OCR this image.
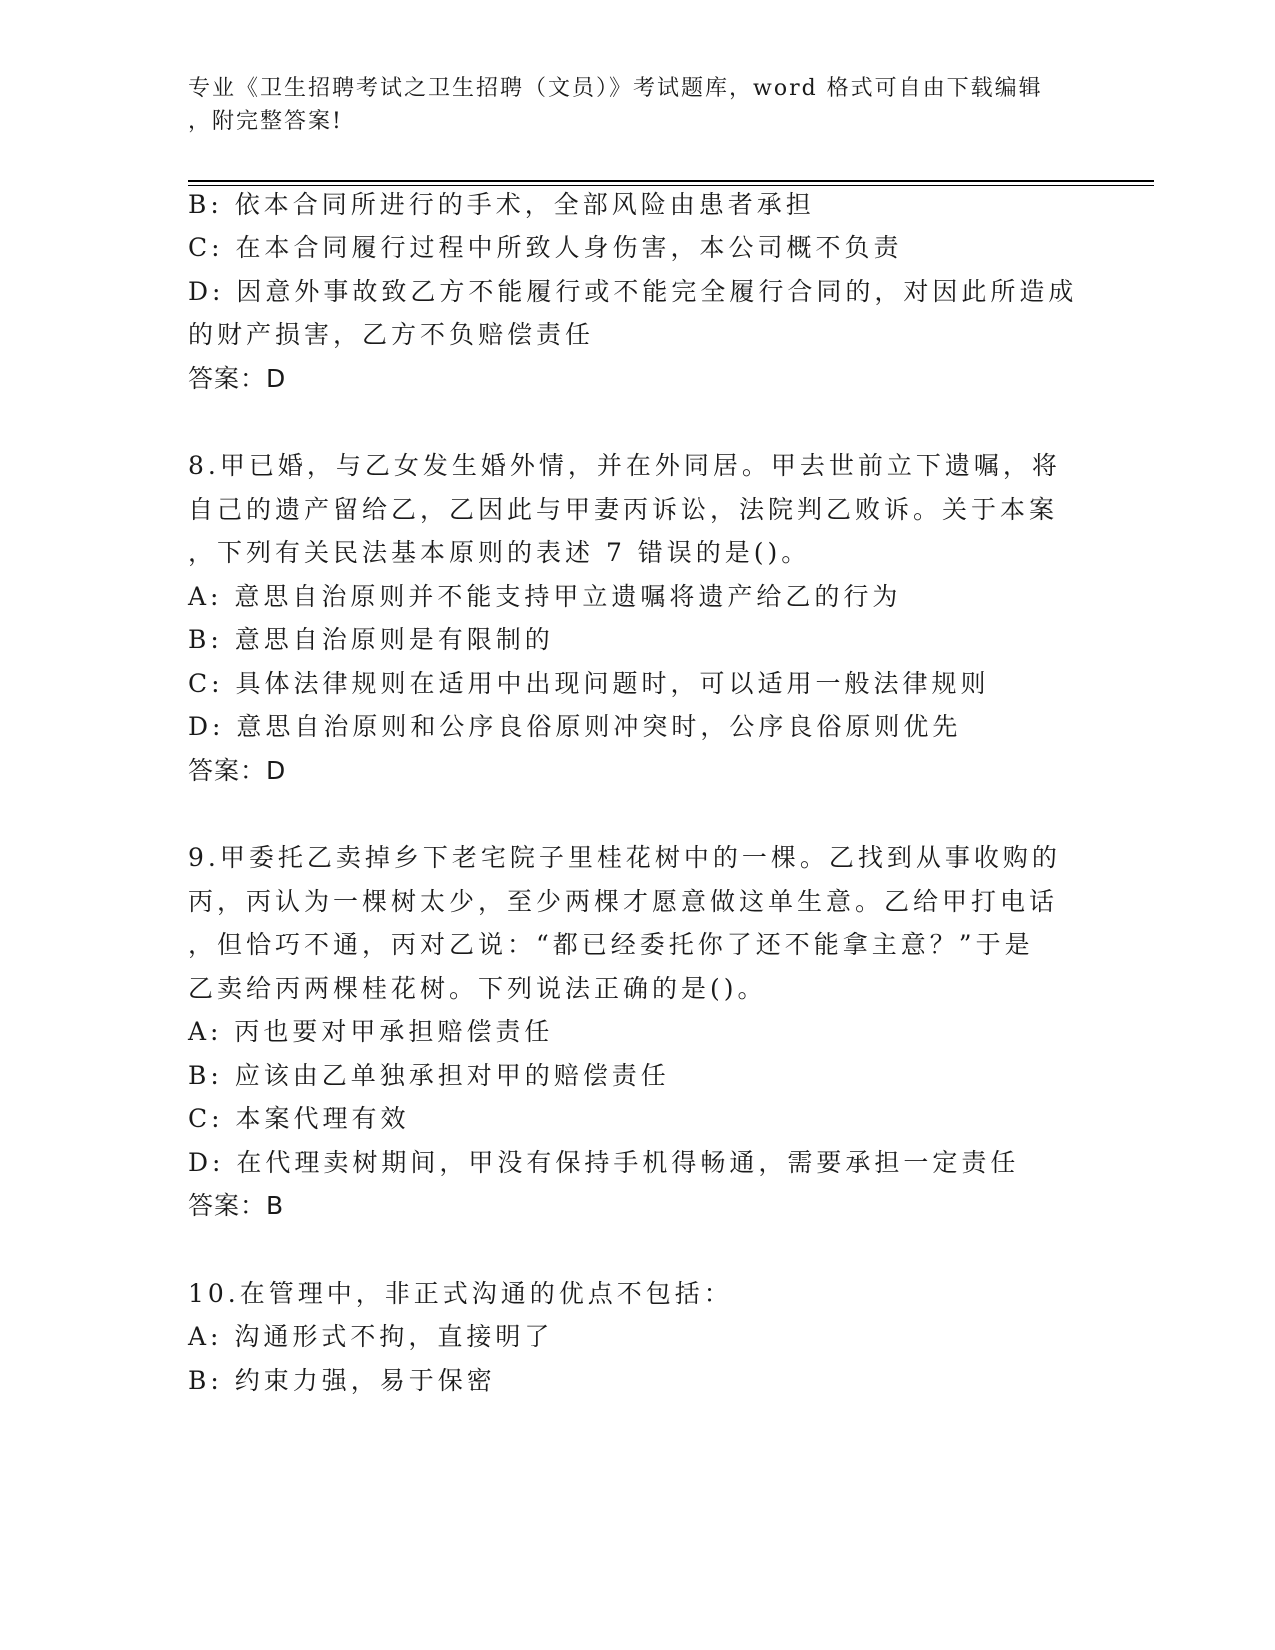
专业《卫生招聘考试之卫生招聘（文员）》考试题库，word 格式可自由下载编辑
，附完整答案!
B: 依本合同所进行的手术，全部风险由患者承担
C: 在本合同履行过程中所致人身伤害，本公司概不负责
D: 因意外事故致乙方不能履行或不能完全履行合同的，对因此所造成
的财产损害，乙方不负赔偿责任
答案：D
8.甲已婚，与乙女发生婚外情，并在外同居。甲去世前立下遗嘱，将
自己的遗产留给乙，乙因此与甲妻丙诉讼，法院判乙败诉。关于本案
，下列有关民法基本原则的表述 7 错误的是()。
A: 意思自治原则并不能支持甲立遗嘱将遗产给乙的行为
B: 意思自治原则是有限制的
C: 具体法律规则在适用中出现问题时，可以适用一般法律规则
D: 意思自治原则和公序良俗原则冲突时，公序良俗原则优先
答案：D
9.甲委托乙卖掉乡下老宅院子里桂花树中的一棵。乙找到从事收购的
丙，丙认为一棵树太少，至少两棵才愿意做这单生意。乙给甲打电话
，但恰巧不通，丙对乙说：“都已经委托你了还不能拿主意？”于是
乙卖给丙两棵桂花树。下列说法正确的是()。
A: 丙也要对甲承担赔偿责任
B: 应该由乙单独承担对甲的赔偿责任
C: 本案代理有效
D: 在代理卖树期间，甲没有保持手机得畅通，需要承担一定责任
答案：B
10.在管理中，非正式沟通的优点不包括：
A: 沟通形式不拘，直接明了
B: 约束力强，易于保密
